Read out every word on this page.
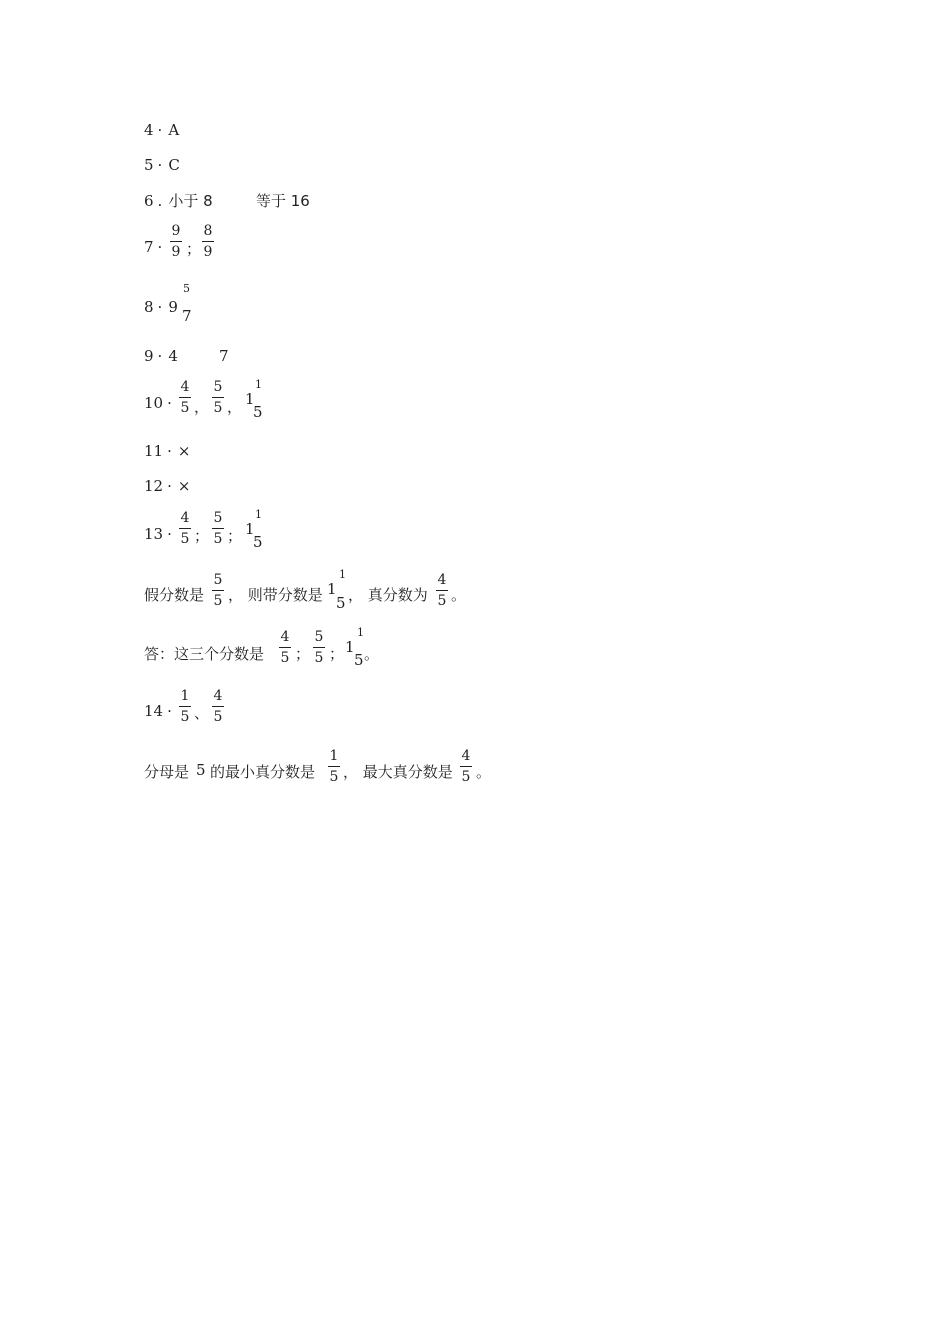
4 · A
5 · C
6 . 小于 8	等于 16
7 ·
9
9 ；
8
9
8 · 9
5
7
9 · 4	7
10 ·
4
5 ，
5
5 ， 1
1
5
11 · ×
12 · ×
13 ·
4
5 ；
5
5 ； 1
1
5
假分数是
5
5 ， 则带分数是 1
1
5 ， 真分数为
4
5 。
答：这三个分数是
4
5 ；
5
5 ； 1
1
5 。
14 ·
1
5 、
4
5
分母是 5 的最小真分数是
1
5 ， 最大真分数是
4
5 。
